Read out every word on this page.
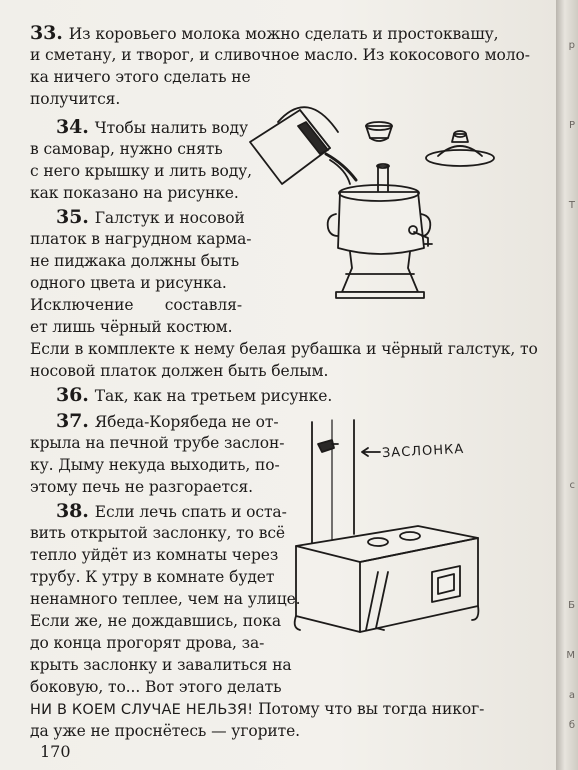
33. Из коровьего молока можно сделать и простоквашу,

и сметану, и творог, и сливочное масло. Из кокосового моло-

ка ничего этого сделать не

получится.

34. Чтобы налить воду

в самовар, нужно снять

с него крышку и лить воду,

как показано на рисунке.

35. Галстук и носовой

платок в нагрудном карма-

не пиджака должны быть

одного цвета и рисунка.

Исключение составля-

ет лишь чёрный костюм.

Если в комплекте к нему белая рубашка и чёрный галстук, то

носовой платок должен быть белым.

36. Так, как на третьем рисунке.

37. Ябеда-Корябеда не от-

крыла на печной трубе заслон-

ку. Дыму некуда выходить, по-

этому печь не разгорается.

38. Если лечь спать и оста-

вить открытой заслонку, то всё

тепло уйдёт из комнаты через

трубу. К утру в комнате будет

ненамного теплее, чем на улице.

Если же, не дождавшись, пока

до конца прогорят дрова, за-

крыть заслонку и завалиться на

боковую, то... Вот этого делать

НИ В КОЕМ СЛУЧАЕ НЕЛЬЗЯ! Потому что вы тогда никог-

да уже не проснётесь — угорите.

170
ЗАСЛОНКА
р
Р
Т
с
Б
М
а
б
